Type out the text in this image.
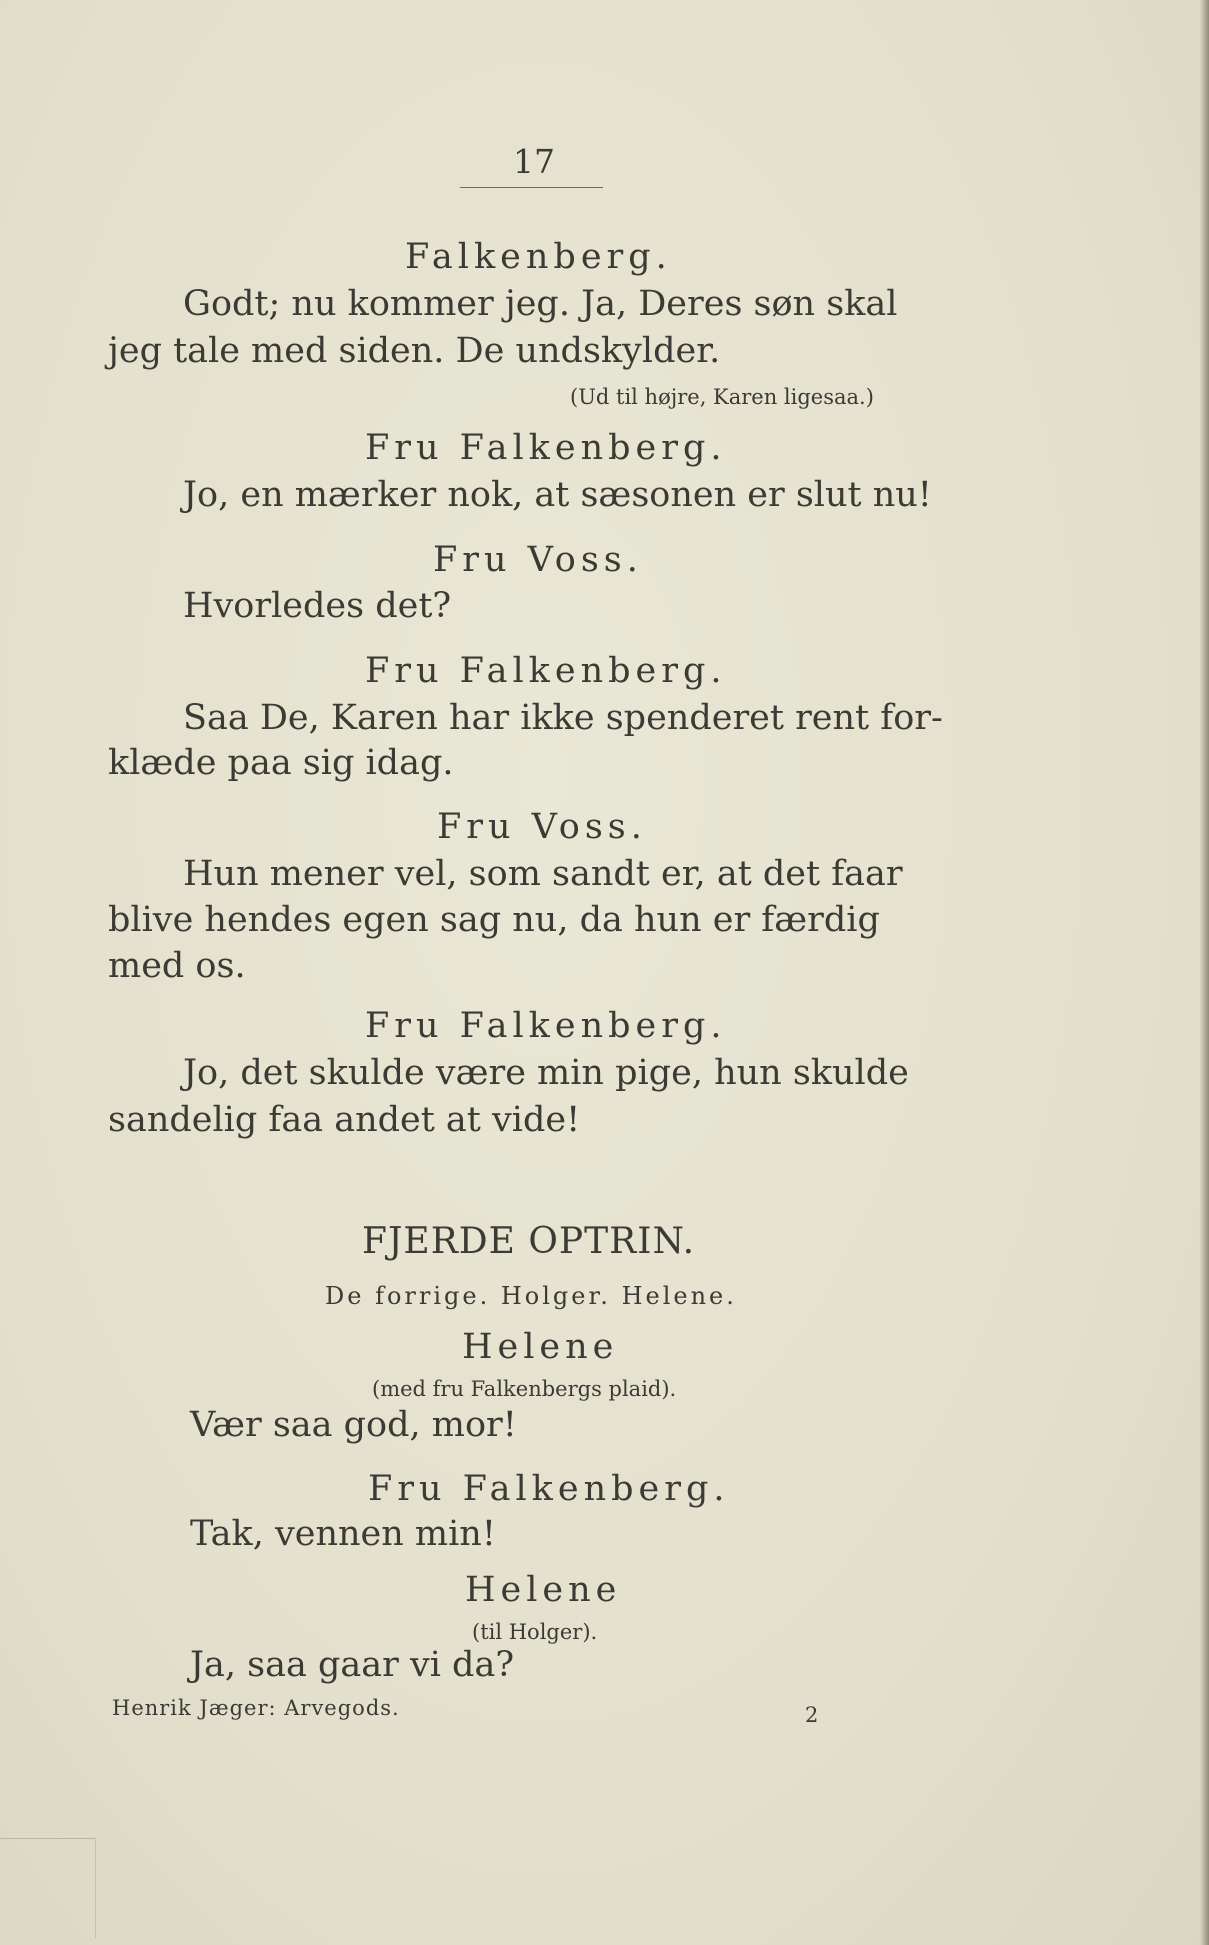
17
Falkenberg.
Godt; nu kommer jeg. Ja, Deres søn skal
jeg tale med siden. De undskylder.
(Ud til højre, Karen ligesaa.)
Fru Falkenberg.
Jo, en mærker nok, at sæsonen er slut nu!
Fru Voss.
Hvorledes det?
Fru Falkenberg.
Saa De, Karen har ikke spenderet rent for-
klæde paa sig idag.
Fru Voss.
Hun mener vel, som sandt er, at det faar
blive hendes egen sag nu, da hun er færdig
med os.
Fru Falkenberg.
Jo, det skulde være min pige, hun skulde
sandelig faa andet at vide!
FJERDE OPTRIN.
De forrige. Holger. Helene.
Helene
(med fru Falkenbergs plaid).
Vær saa god, mor!
Fru Falkenberg.
Tak, vennen min!
Helene
(til Holger).
Ja, saa gaar vi da?
Henrik Jæger: Arvegods.	2
